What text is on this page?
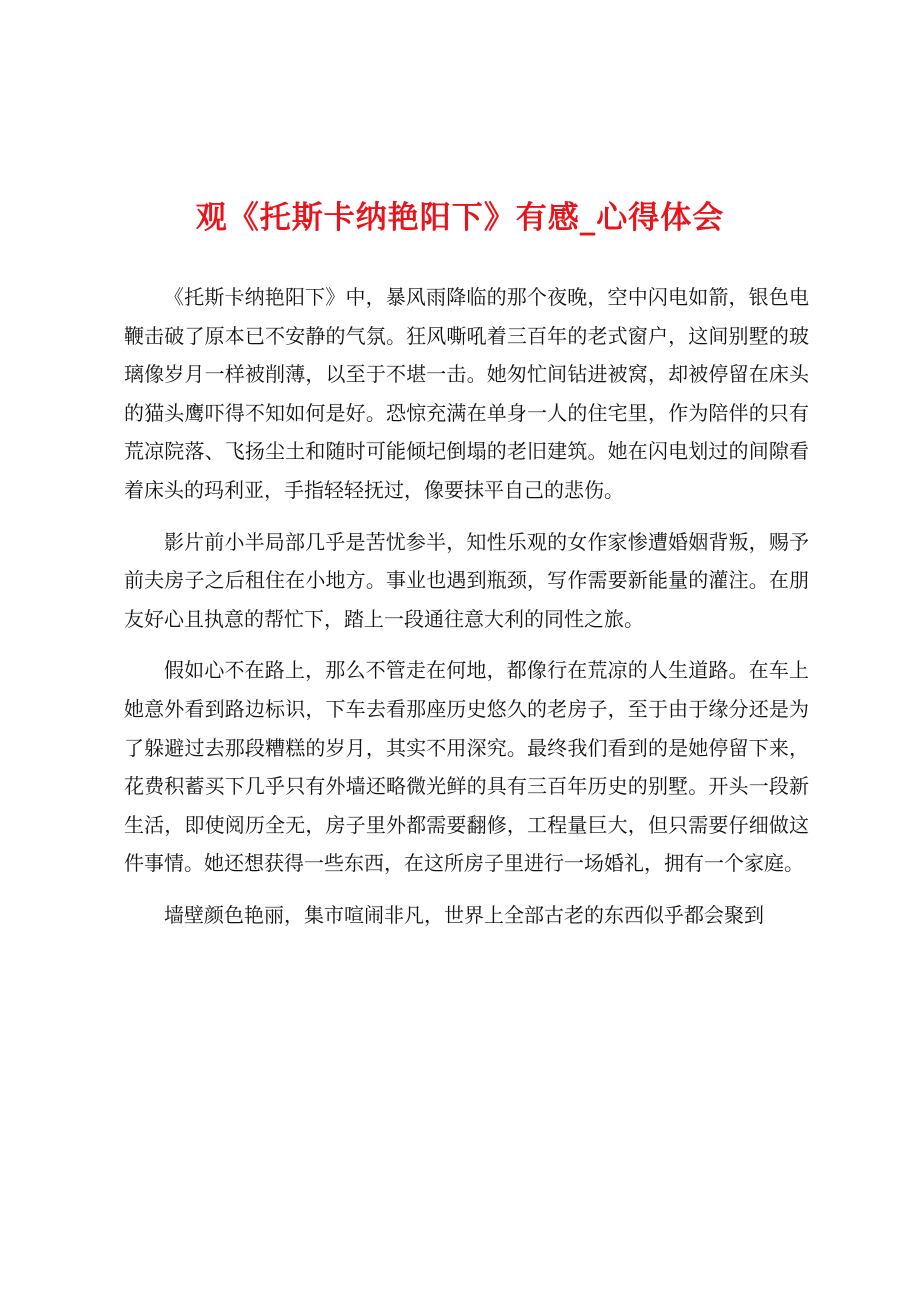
观《托斯卡纳艳阳下》有感_心得体会

《托斯卡纳艳阳下》中，暴风雨降临的那个夜晚，空中闪电如箭，银色电鞭击破了原本已不安静的气氛。狂风嘶吼着三百年的老式窗户，这间别墅的玻璃像岁月一样被削薄，以至于不堪一击。她匆忙间钻进被窝，却被停留在床头的猫头鹰吓得不知如何是好。恐惊充满在单身一人的住宅里，作为陪伴的只有荒凉院落、飞扬尘土和随时可能倾圮倒塌的老旧建筑。她在闪电划过的间隙看着床头的玛利亚，手指轻轻抚过，像要抹平自己的悲伤。

影片前小半局部几乎是苦忧参半，知性乐观的女作家惨遭婚姻背叛，赐予前夫房子之后租住在小地方。事业也遇到瓶颈，写作需要新能量的灌注。在朋友好心且执意的帮忙下，踏上一段通往意大利的同性之旅。

假如心不在路上，那么不管走在何地，都像行在荒凉的人生道路。在车上她意外看到路边标识，下车去看那座历史悠久的老房子，至于由于缘分还是为了躲避过去那段糟糕的岁月，其实不用深究。最终我们看到的是她停留下来，花费积蓄买下几乎只有外墙还略微光鲜的具有三百年历史的别墅。开头一段新生活，即使阅历全无，房子里外都需要翻修，工程量巨大，但只需要仔细做这件事情。她还想获得一些东西，在这所房子里进行一场婚礼，拥有一个家庭。

墙壁颜色艳丽，集市喧闹非凡，世界上全部古老的东西似乎都会聚到
